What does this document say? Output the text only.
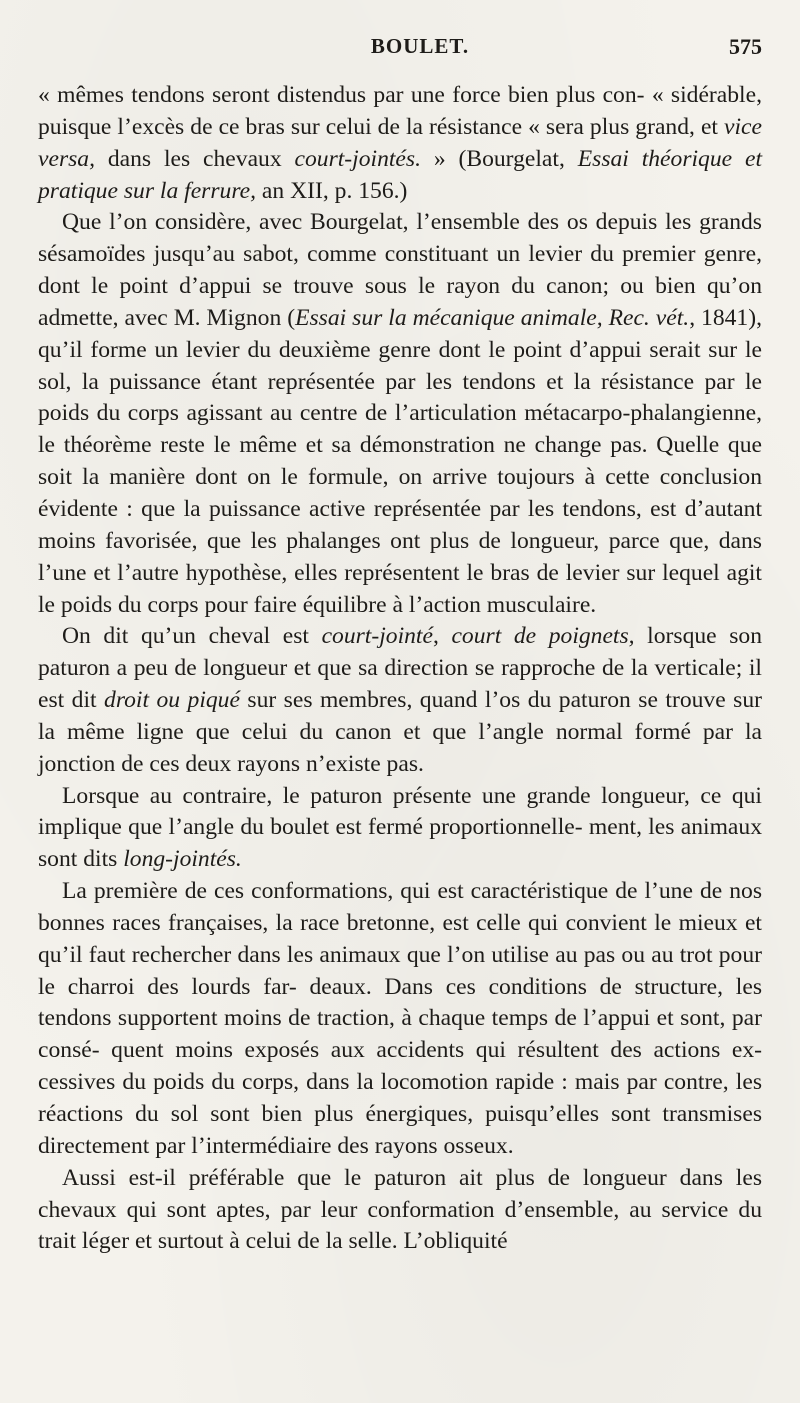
BOULET.	575

« mêmes tendons seront distendus par une force bien plus con- « sidérable, puisque l’excès de ce bras sur celui de la résistance « sera plus grand, et vice versa, dans les chevaux court-jointés. » (Bourgelat, Essai théorique et pratique sur la ferrure, an XII, p. 156.)

Que l’on considère, avec Bourgelat, l’ensemble des os depuis les grands sésamoïdes jusqu’au sabot, comme constituant un levier du premier genre, dont le point d’appui se trouve sous le rayon du canon; ou bien qu’on admette, avec M. Mignon (Essai sur la mécanique animale, Rec. vét., 1841), qu’il forme un levier du deuxième genre dont le point d’appui serait sur le sol, la puissance étant représentée par les tendons et la résistance par le poids du corps agissant au centre de l’articulation métacarpo-phalangienne, le théorème reste le même et sa démonstration ne change pas. Quelle que soit la manière dont on le formule, on arrive toujours à cette conclusion évidente : que la puissance active représentée par les tendons, est d’autant moins favorisée, que les phalanges ont plus de longueur, parce que, dans l’une et l’autre hypothèse, elles représentent le bras de levier sur lequel agit le poids du corps pour faire équilibre à l’action musculaire.

On dit qu’un cheval est court-jointé, court de poignets, lorsque son paturon a peu de longueur et que sa direction se rapproche de la verticale; il est dit droit ou piqué sur ses membres, quand l’os du paturon se trouve sur la même ligne que celui du canon et que l’angle normal formé par la jonction de ces deux rayons n’existe pas.

Lorsque au contraire, le paturon présente une grande longueur, ce qui implique que l’angle du boulet est fermé proportionnelle- ment, les animaux sont dits long-jointés.

La première de ces conformations, qui est caractéristique de l’une de nos bonnes races françaises, la race bretonne, est celle qui convient le mieux et qu’il faut rechercher dans les animaux que l’on utilise au pas ou au trot pour le charroi des lourds far- deaux. Dans ces conditions de structure, les tendons supportent moins de traction, à chaque temps de l’appui et sont, par consé- quent moins exposés aux accidents qui résultent des actions ex- cessives du poids du corps, dans la locomotion rapide : mais par contre, les réactions du sol sont bien plus énergiques, puisqu’elles sont transmises directement par l’intermédiaire des rayons osseux.

Aussi est-il préférable que le paturon ait plus de longueur dans les chevaux qui sont aptes, par leur conformation d’ensemble, au service du trait léger et surtout à celui de la selle. L’obliquité
